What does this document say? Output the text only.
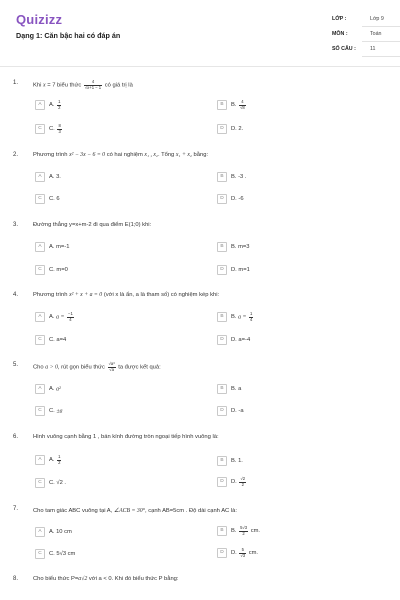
Quizizz
Dạng 1: Căn bậc hai có đáp án
LỚP :	Lớp 9
MÔN :	Toán
SỐ CÂU :	11
1.	Khi x = 7 biểu thức $\frac{4}{√x+1 - 1}$ có giá trị là
A A. $\frac{1}{2}$	B B. $\frac{4}{√8}$
C C. $\frac{8}{3}$	D D. 2.
2.	Phương trình x² − 3x − 6 = 0 có hai nghiệm x₁ , x₂. Tổng x₁ + x₂ bằng:
A A. 3.	B B. -3 .
C C. 6	D D. -6
3.	Đường thẳng y=x+m-2 đi qua điểm E(1;0) khi:
A A. m=-1	B B. m=3
C C. m=0	D D. m=1
4.	Phương trình x² + x + a = 0 (với x là ẩn, a là tham số) có nghiệm kép khi:
A A. $a = \frac{-1}{4}$	B B. $a = \frac{1}{4}$
C C. a=4	D D. a=-4
5.	Cho a > 0, rút gọn biểu thức $\frac{\text{√a³}}{√a}$ ta được kết quả:
A A. a²	B B. a
C C. ±a	D D. -a
6.	Hình vuông cạnh bằng 1 , bán kính đường tròn ngoại tiếp hình vuông là:
A A. $\frac{1}{2}$	B B. 1.
C C. √2 .	D D. $\frac{√2}{2}$
7.	Cho tam giác ABC vuông tại A, ∠ACB = 30°, cạnh AB=5cm . Độ dài cạnh AC là:
A A. 10 cm	B B. $\frac{5√3}{2}$ cm.
C C. 5√3 cm	D D. $\frac{5}{√3}$ cm.
8.	Cho biểu thức P=a√2 với a < 0. Khi đó biểu thức P bằng:
